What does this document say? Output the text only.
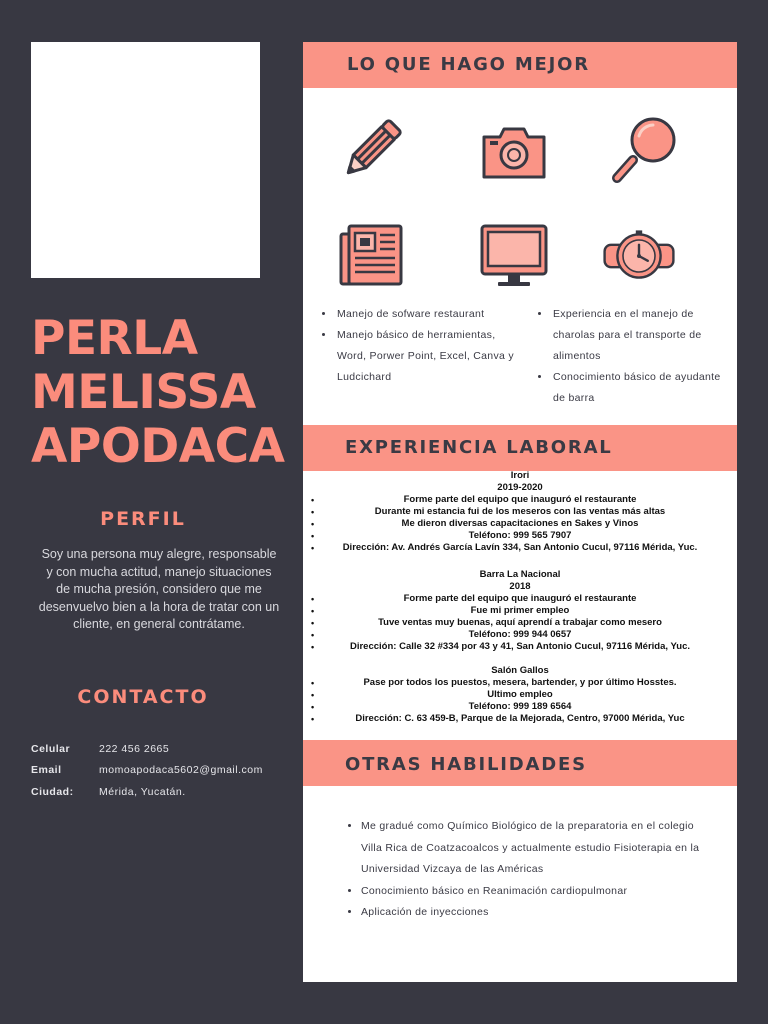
PERLA
MELISSA
APODACA
PERFIL
Soy una persona muy alegre, responsable y con mucha actitud, manejo situaciones de mucha presión, considero que me desenvuelvo bien a la hora de tratar con un cliente, en general contrátame.
CONTACTO
Celular	222 456 2665
Email	momoapodaca5602@gmail.com
Ciudad: Mérida, Yucatán.
LO QUE HAGO MEJOR
• Manejo de sofware restaurant
• Manejo básico de herramientas, Word, Porwer Point, Excel, Canva y Ludcichard
• Experiencia en el manejo de charolas para el transporte de alimentos
• Conocimiento básico de ayudante de barra
EXPERIENCIA LABORAL
Irori
2019-2020
• Forme parte del equipo que inauguró el restaurante
• Durante mi estancia fui de los meseros con las ventas más altas
• Me dieron diversas capacitaciones en Sakes y Vinos
• Teléfono: 999 565 7907
• Dirección: Av. Andrés García Lavín 334, San Antonio Cucul, 97116 Mérida, Yuc.
Barra La Nacional
2018
• Forme parte del equipo que inauguró el restaurante
• Fue mi primer empleo
• Tuve ventas muy buenas, aquí aprendí a trabajar como mesero
• Teléfono: 999 944 0657
• Dirección: Calle 32 #334 por 43 y 41, San Antonio Cucul, 97116 Mérida, Yuc.
Salón Gallos
• Pase por todos los puestos, mesera, bartender, y por último Hosstes.
• Ultimo empleo
• Teléfono: 999 189 6564
• Dirección: C. 63 459-B, Parque de la Mejorada, Centro, 97000 Mérida, Yuc
OTRAS HABILIDADES
• Me gradué como Químico Biológico de la preparatoria en el colegio Villa Rica de Coatzacoalcos y actualmente estudio Fisioterapia en la Universidad Vizcaya de las Américas
• Conocimiento básico en Reanimación cardiopulmonar
• Aplicación de inyecciones
